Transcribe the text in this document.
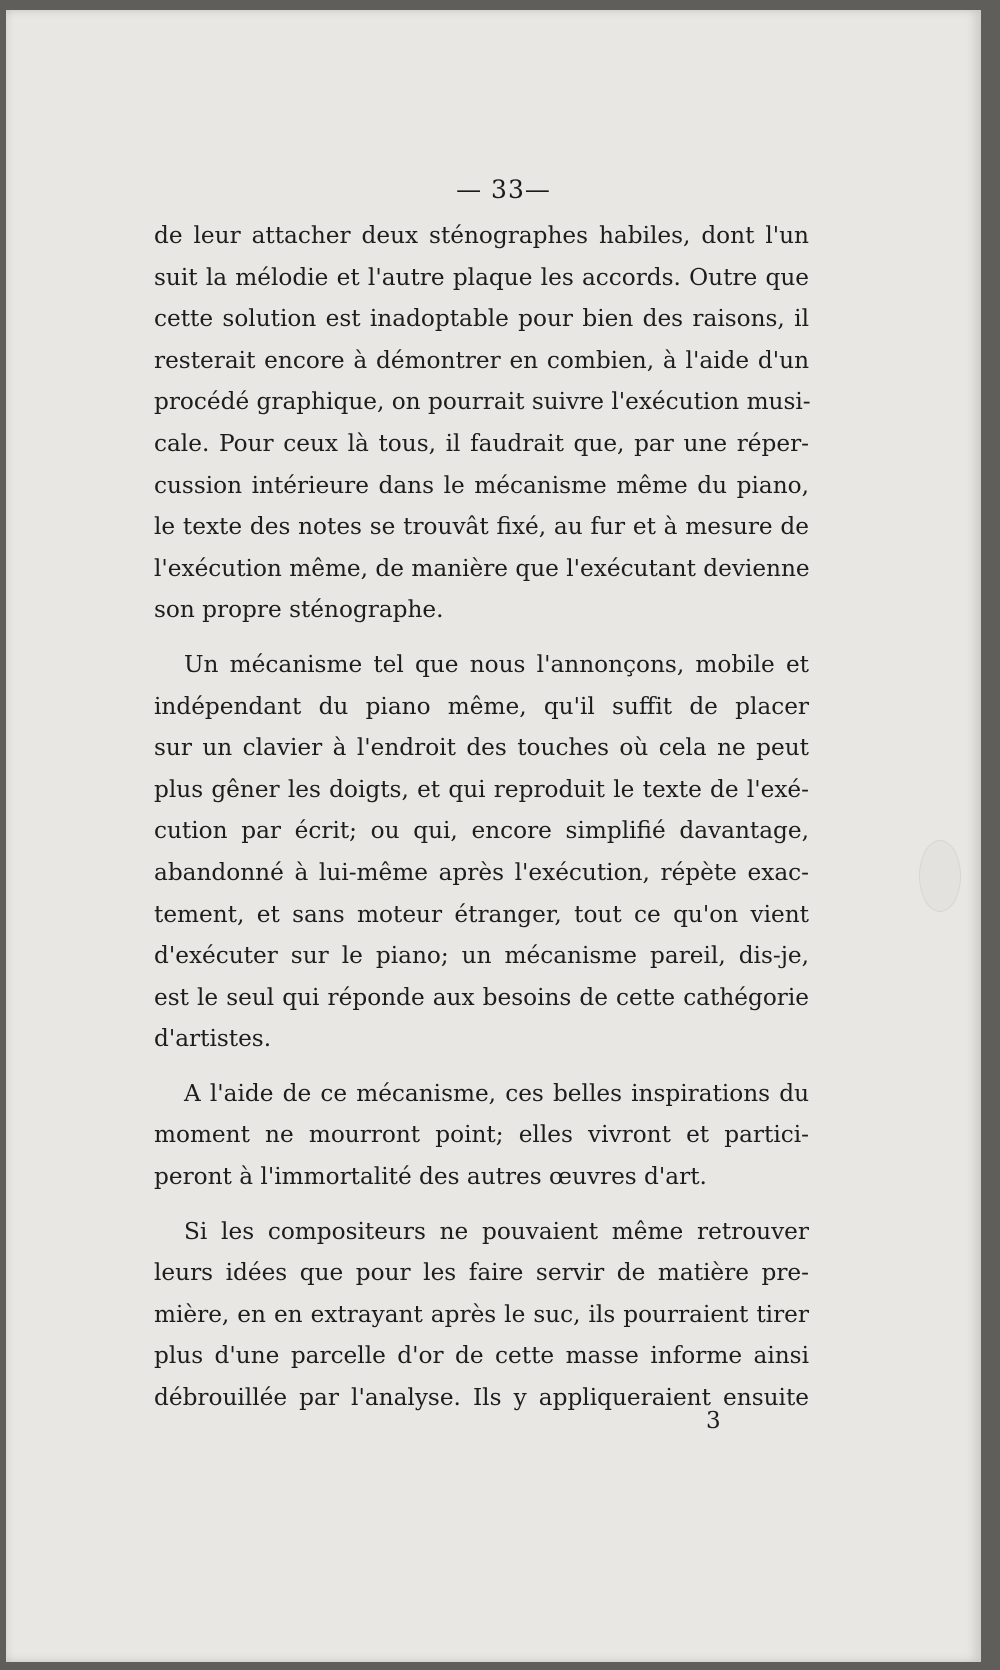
— 33—
de leur attacher deux sténographes habiles, dont l'un
suit la mélodie et l'autre plaque les accords. Outre que
cette solution est inadoptable pour bien des raisons, il
resterait encore à démontrer en combien, à l'aide d'un
procédé graphique, on pourrait suivre l'exécution musi-
cale. Pour ceux là tous, il faudrait que, par une réper-
cussion intérieure dans le mécanisme même du piano,
le texte des notes se trouvât fixé, au fur et à mesure de
l'exécution même, de manière que l'exécutant devienne
son propre sténographe.
Un mécanisme tel que nous l'annonçons, mobile et
indépendant du piano même, qu'il suffit de placer
sur un clavier à l'endroit des touches où cela ne peut
plus gêner les doigts, et qui reproduit le texte de l'exé-
cution par écrit; ou qui, encore simplifié davantage,
abandonné à lui-même après l'exécution, répète exac-
tement, et sans moteur étranger, tout ce qu'on vient
d'exécuter sur le piano; un mécanisme pareil, dis-je,
est le seul qui réponde aux besoins de cette cathégorie
d'artistes.
A l'aide de ce mécanisme, ces belles inspirations du
moment ne mourront point; elles vivront et partici-
peront à l'immortalité des autres œuvres d'art.
Si les compositeurs ne pouvaient même retrouver
leurs idées que pour les faire servir de matière pre-
mière, en en extrayant après le suc, ils pourraient tirer
plus d'une parcelle d'or de cette masse informe ainsi
débrouillée par l'analyse. Ils y appliqueraient ensuite
3
